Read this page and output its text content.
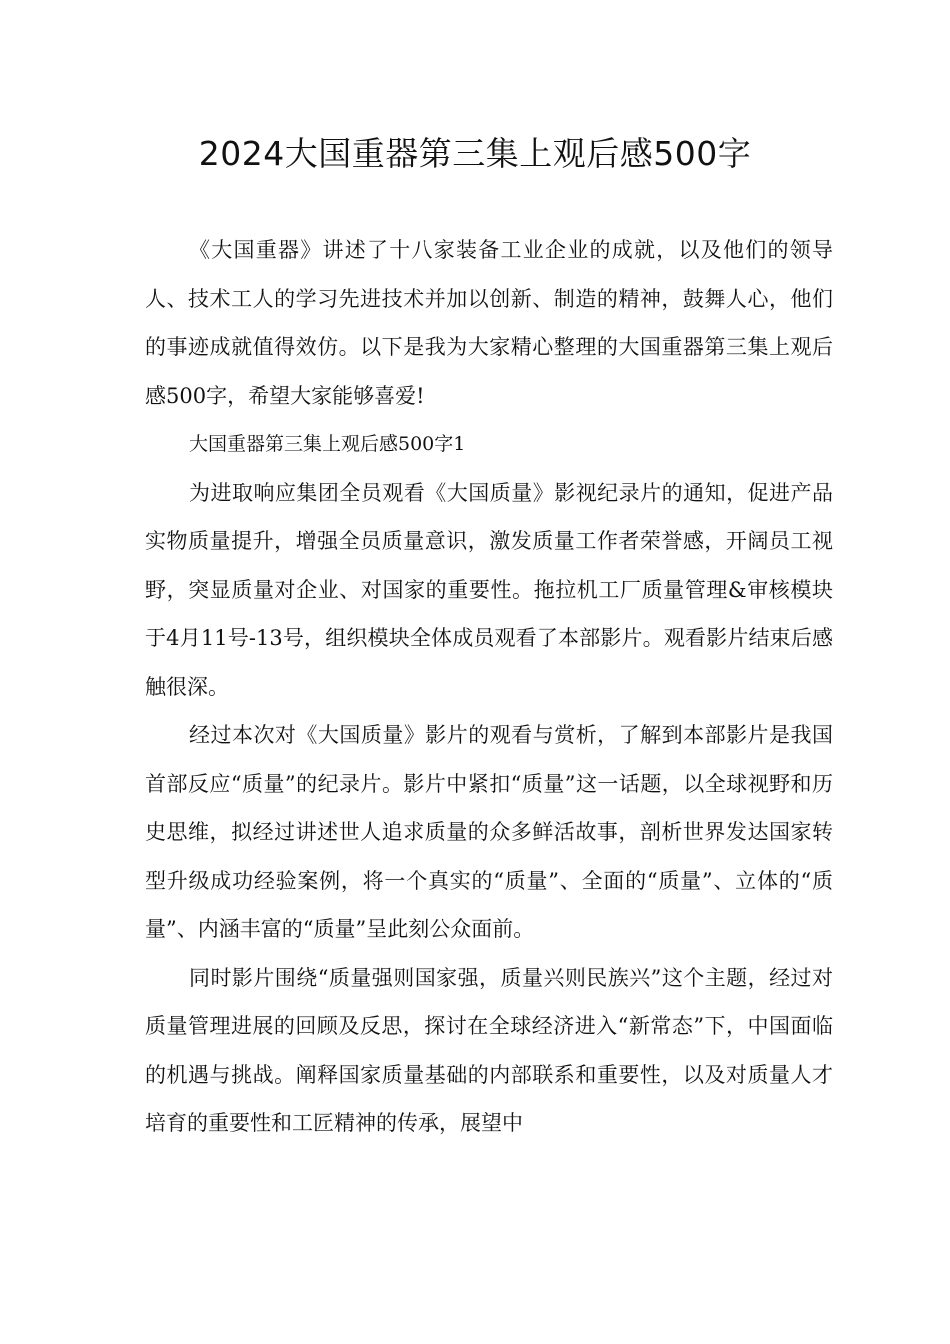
2024大国重器第三集上观后感500字

《大国重器》讲述了十八家装备工业企业的成就，以及他们的领导人、技术工人的学习先进技术并加以创新、制造的精神，鼓舞人心，他们的事迹成就值得效仿。以下是我为大家精心整理的大国重器第三集上观后感500字，希望大家能够喜爱!

大国重器第三集上观后感500字1

为进取响应集团全员观看《大国质量》影视纪录片的通知，促进产品实物质量提升，增强全员质量意识，激发质量工作者荣誉感，开阔员工视野，突显质量对企业、对国家的重要性。拖拉机工厂质量管理&审核模块于4月11号-13号，组织模块全体成员观看了本部影片。观看影片结束后感触很深。

经过本次对《大国质量》影片的观看与赏析，了解到本部影片是我国首部反应“质量”的纪录片。影片中紧扣“质量”这一话题，以全球视野和历史思维，拟经过讲述世人追求质量的众多鲜活故事，剖析世界发达国家转型升级成功经验案例，将一个真实的“质量”、全面的“质量”、立体的“质量”、内涵丰富的“质量”呈此刻公众面前。

同时影片围绕“质量强则国家强，质量兴则民族兴”这个主题，经过对质量管理进展的回顾及反思，探讨在全球经济进入“新常态”下，中国面临的机遇与挑战。阐释国家质量基础的内部联系和重要性，以及对质量人才培育的重要性和工匠精神的传承，展望中
